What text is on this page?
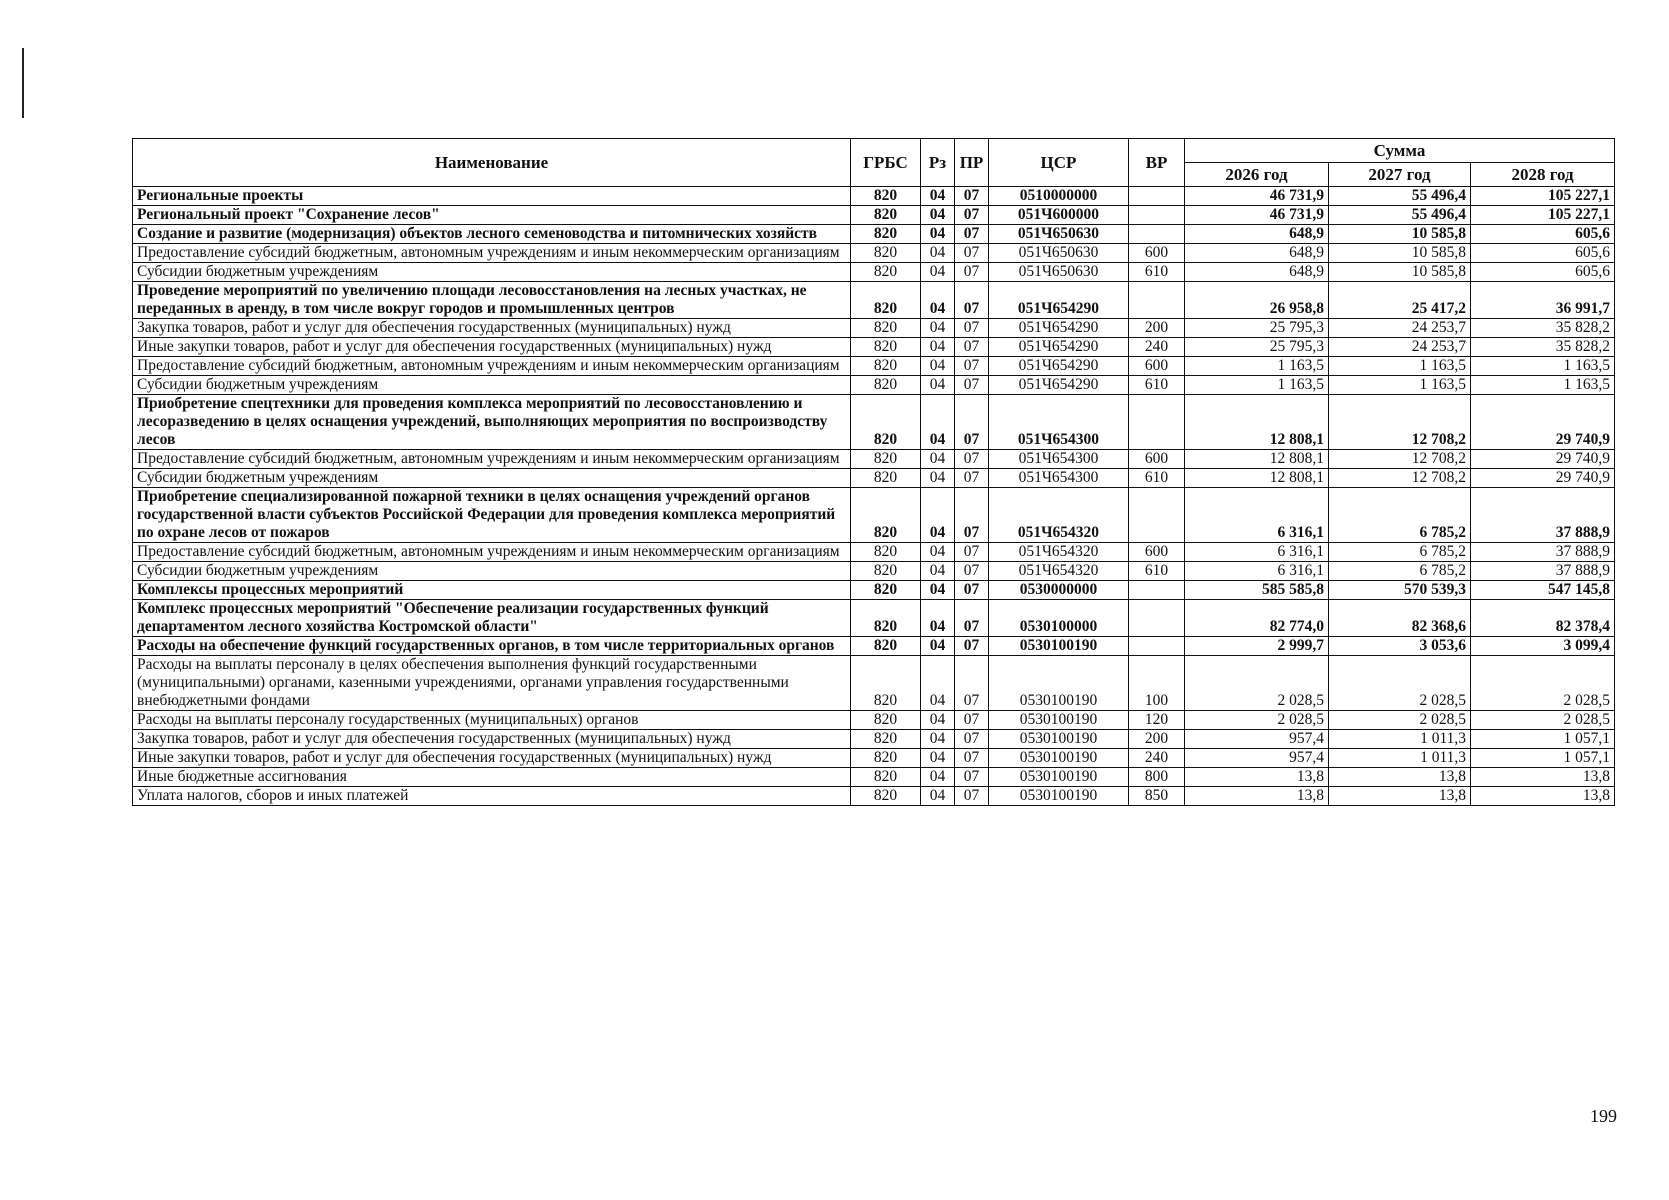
Наименование	ГРБС	Рз	ПР	ЦСР	ВР	Сумма		
						2026 год	2027 год	2028 год
Региональные проекты	820	04	07	0510000000		46 731,9	55 496,4	105 227,1
Региональный проект "Сохранение лесов"	820	04	07	051Ч600000		46 731,9	55 496,4	105 227,1
Создание и развитие (модернизация) объектов лесного семеноводства и питомнических хозяйств	820	04	07	051Ч650630		648,9	10 585,8	605,6
Предоставление субсидий бюджетным, автономным учреждениям и иным некоммерческим организациям	820	04	07	051Ч650630	600	648,9	10 585,8	605,6
Субсидии бюджетным учреждениям	820	04	07	051Ч650630	610	648,9	10 585,8	605,6
Проведение мероприятий по увеличению площади лесовосстановления на лесных участках, не переданных в аренду, в том числе вокруг городов и промышленных центров	820	04	07	051Ч654290		26 958,8	25 417,2	36 991,7
Закупка товаров, работ и услуг для обеспечения государственных (муниципальных) нужд	820	04	07	051Ч654290	200	25 795,3	24 253,7	35 828,2
Иные закупки товаров, работ и услуг для обеспечения государственных (муниципальных) нужд	820	04	07	051Ч654290	240	25 795,3	24 253,7	35 828,2
Предоставление субсидий бюджетным, автономным учреждениям и иным некоммерческим организациям	820	04	07	051Ч654290	600	1 163,5	1 163,5	1 163,5
Субсидии бюджетным учреждениям	820	04	07	051Ч654290	610	1 163,5	1 163,5	1 163,5
Приобретение спецтехники для проведения комплекса мероприятий по лесовосстановлению и лесоразведению в целях оснащения учреждений, выполняющих мероприятия по воспроизводству лесов	820	04	07	051Ч654300		12 808,1	12 708,2	29 740,9
Предоставление субсидий бюджетным, автономным учреждениям и иным некоммерческим организациям	820	04	07	051Ч654300	600	12 808,1	12 708,2	29 740,9
Субсидии бюджетным учреждениям	820	04	07	051Ч654300	610	12 808,1	12 708,2	29 740,9
Приобретение специализированной пожарной техники в целях оснащения учреждений органов государственной власти субъектов Российской Федерации для проведения комплекса мероприятий по охране лесов от пожаров	820	04	07	051Ч654320		6 316,1	6 785,2	37 888,9
Предоставление субсидий бюджетным, автономным учреждениям и иным некоммерческим организациям	820	04	07	051Ч654320	600	6 316,1	6 785,2	37 888,9
Субсидии бюджетным учреждениям	820	04	07	051Ч654320	610	6 316,1	6 785,2	37 888,9
Комплексы процессных мероприятий	820	04	07	0530000000		585 585,8	570 539,3	547 145,8
Комплекс процессных мероприятий "Обеспечение реализации государственных функций департаментом лесного хозяйства Костромской области"	820	04	07	0530100000		82 774,0	82 368,6	82 378,4
Расходы на обеспечение функций государственных органов, в том числе территориальных органов	820	04	07	0530100190		2 999,7	3 053,6	3 099,4
Расходы на выплаты персоналу в целях обеспечения выполнения функций государственными (муниципальными) органами, казенными учреждениями, органами управления государственными внебюджетными фондами	820	04	07	0530100190	100	2 028,5	2 028,5	2 028,5
Расходы на выплаты персоналу государственных (муниципальных) органов	820	04	07	0530100190	120	2 028,5	2 028,5	2 028,5
Закупка товаров, работ и услуг для обеспечения государственных (муниципальных) нужд	820	04	07	0530100190	200	957,4	1 011,3	1 057,1
Иные закупки товаров, работ и услуг для обеспечения государственных (муниципальных) нужд	820	04	07	0530100190	240	957,4	1 011,3	1 057,1
Иные бюджетные ассигнования	820	04	07	0530100190	800	13,8	13,8	13,8
Уплата налогов, сборов и иных платежей	820	04	07	0530100190	850	13,8	13,8	13,8
199
